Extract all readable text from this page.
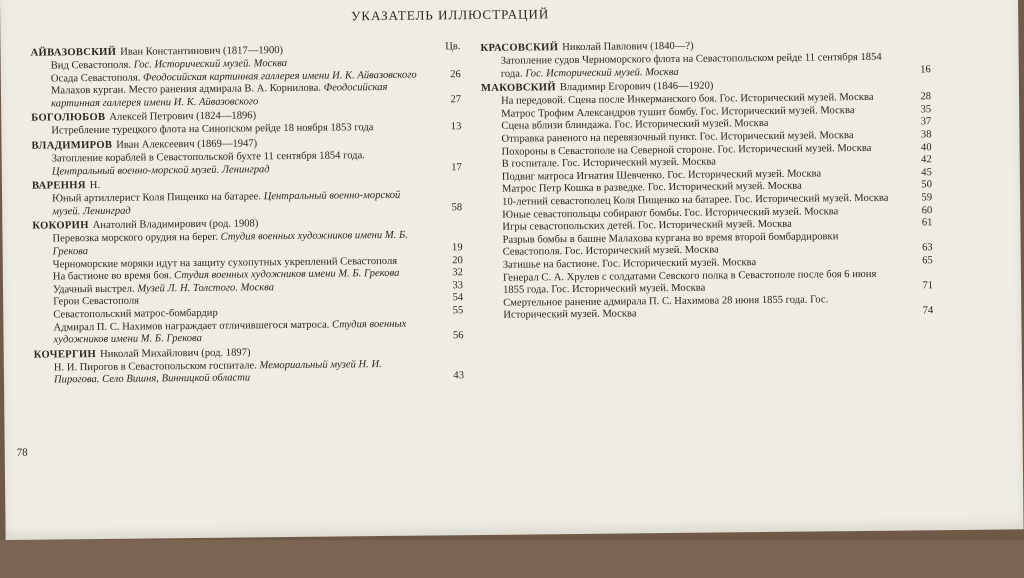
УКАЗАТЕЛЬ ИЛЛЮСТРАЦИЙ
Цв.
АЙВАЗОВСКИЙ Иван Константинович (1817—1900)
Вид Севастополя. Гос. Исторический музей. Москва
Осада Севастополя. Феодосийская картинная галлерея имени И. К. Айвазовского	26
Малахов курган. Место ранения адмирала В. А. Корнилова. Феодосийская картинная галлерея имени И. К. Айвазовского	27
БОГОЛЮБОВ Алексей Петрович (1824—1896)
Истребление турецкого флота на Синопском рейде 18 ноября 1853 года	13
ВЛАДИМИРОВ Иван Алексеевич (1869—1947)
Затопление кораблей в Севастопольской бухте 11 сентября 1854 года. Центральный военно-морской музей. Ленинград	17
ВАРЕННЯ Н.
Юный артиллерист Коля Пищенко на батарее. Центральный военно-морской музей. Ленинград	58
КОКОРИН Анатолий Владимирович (род. 1908)
Перевозка морского орудия на берег. Студия военных художников имени М. Б. Грекова	19
Черноморские моряки идут на защиту сухопутных укреплений Севастополя	20
На бастионе во время боя. Студия военных художников имени М. Б. Грекова	32
Удачный выстрел. Музей Л. Н. Толстого. Москва	33
Герои Севастополя	54
Севастопольский матрос-бомбардир	55
Адмирал П. С. Нахимов награждает отличившегося матроса. Студия военных художников имени М. Б. Грекова	56
КОЧЕРГИН Николай Михайлович (род. 1897)
Н. И. Пирогов в Севастопольском госпитале. Мемориальный музей Н. И. Пирогова. Село Вишня, Винницкой области	43
КРАСОВСКИЙ Николай Павлович (1840—?)
Затопление судов Черноморского флота на Севастопольском рейде 11 сентября 1854 года. Гос. Исторический музей. Москва	16
МАКОВСКИЙ Владимир Егорович (1846—1920)
На передовой. Сцена после Инкерманского боя. Гос. Исторический музей. Москва	28
Матрос Трофим Александров тушит бомбу. Гос. Исторический музей. Москва	35
Сцена вблизи блиндажа. Гос. Исторический музей. Москва	37
Отправка раненого на перевязочный пункт. Гос. Исторический музей. Москва	38
Похороны в Севастополе на Северной стороне. Гос. Исторический музей. Москва	40
В госпитале. Гос. Исторический музей. Москва	42
Подвиг матроса Игнатия Шевченко. Гос. Исторический музей. Москва	45
Матрос Петр Кошка в разведке. Гос. Исторический музей. Москва	50
10-летний севастополец Коля Пищенко на батарее. Гос. Исторический музей. Москва	59
Юные севастопольцы собирают бомбы. Гос. Исторический музей. Москва	60
Игры севастопольских детей. Гос. Исторический музей. Москва	61
Разрыв бомбы в башне Малахова кургана во время второй бомбардировки Севастополя. Гос. Исторический музей. Москва	63
Затишье на бастионе. Гос. Исторический музей. Москва	65
Генерал С. А. Хрулев с солдатами Севского полка в Севастополе после боя 6 июня 1855 года. Гос. Исторический музей. Москва	71
Смертельное ранение адмирала П. С. Нахимова 28 июня 1855 года. Гос. Исторический музей. Москва	74
78
